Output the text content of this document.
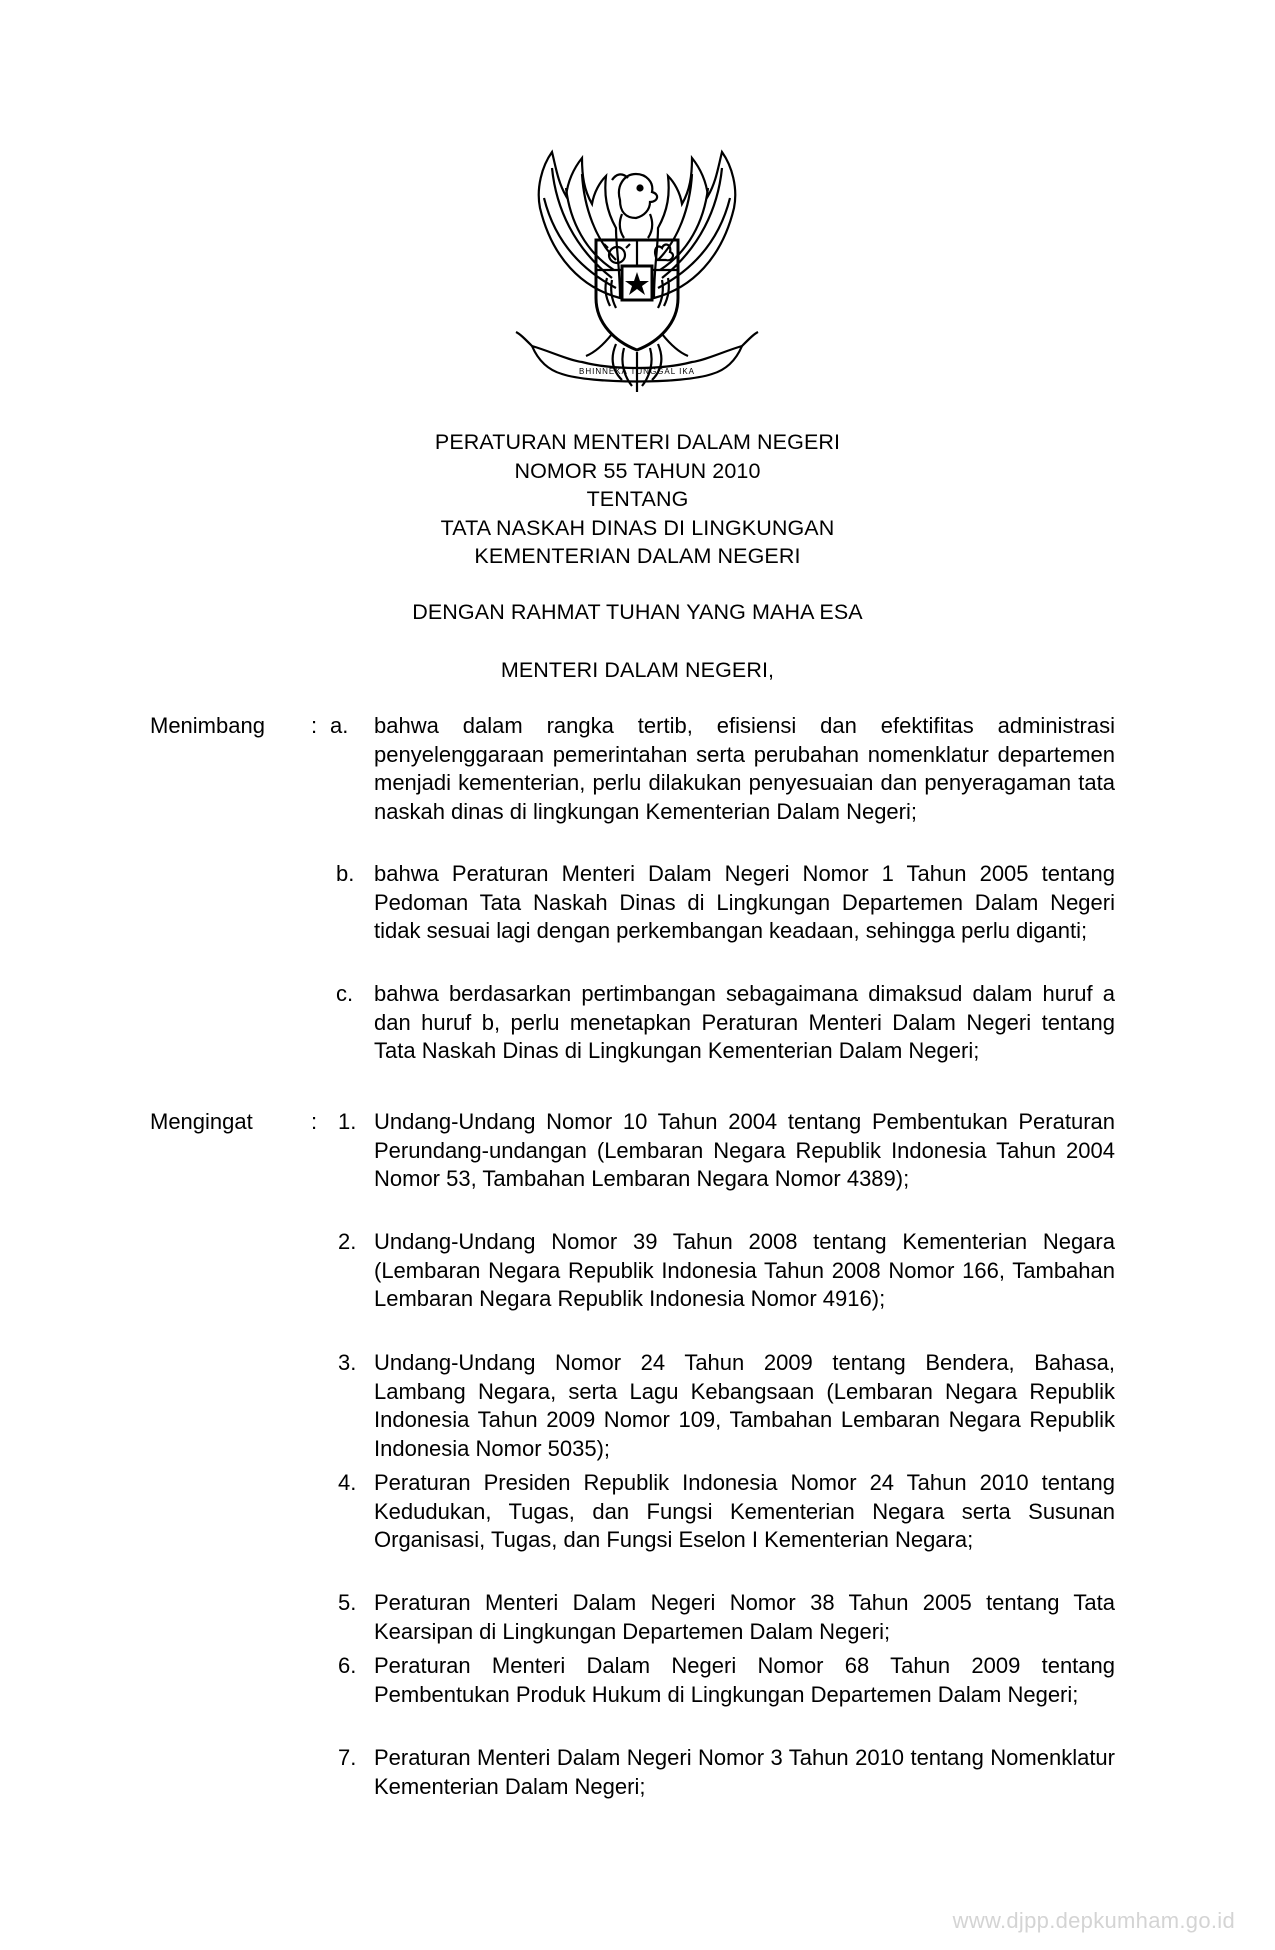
BHINNEKA TUNGGAL IKA
PERATURAN MENTERI DALAM NEGERI
NOMOR 55 TAHUN 2010
TENTANG
TATA NASKAH DINAS DI LINGKUNGAN
KEMENTERIAN DALAM NEGERI
DENGAN RAHMAT TUHAN YANG MAHA ESA
MENTERI DALAM NEGERI,
Menimbang : a. bahwa dalam rangka tertib, efisiensi dan efektifitas administrasi penyelenggaraan pemerintahan serta perubahan nomenklatur departemen menjadi kementerian, perlu dilakukan penyesuaian dan penyeragaman tata naskah dinas di lingkungan Kementerian Dalam Negeri;
b. bahwa Peraturan Menteri Dalam Negeri Nomor 1 Tahun 2005 tentang Pedoman Tata Naskah Dinas di Lingkungan Departemen Dalam Negeri tidak sesuai lagi dengan perkembangan keadaan, sehingga perlu diganti;
c. bahwa berdasarkan pertimbangan sebagaimana dimaksud dalam huruf a dan huruf b, perlu menetapkan Peraturan Menteri Dalam Negeri tentang Tata Naskah Dinas di Lingkungan Kementerian Dalam Negeri;
Mengingat	: 1. Undang-Undang Nomor 10 Tahun 2004 tentang Pembentukan Peraturan Perundang-undangan (Lembaran Negara Republik Indonesia Tahun 2004 Nomor 53, Tambahan Lembaran Negara Nomor 4389);
2. Undang-Undang Nomor 39 Tahun 2008 tentang Kementerian Negara (Lembaran Negara Republik Indonesia Tahun 2008 Nomor 166, Tambahan Lembaran Negara Republik Indonesia Nomor 4916);
3. Undang-Undang Nomor 24 Tahun 2009 tentang Bendera, Bahasa, Lambang Negara, serta Lagu Kebangsaan (Lembaran Negara Republik Indonesia Tahun 2009 Nomor 109, Tambahan Lembaran Negara Republik Indonesia Nomor 5035);
4. Peraturan Presiden Republik Indonesia Nomor 24 Tahun 2010 tentang Kedudukan, Tugas, dan Fungsi Kementerian Negara serta Susunan Organisasi, Tugas, dan Fungsi Eselon I Kementerian Negara;
5. Peraturan Menteri Dalam Negeri Nomor 38 Tahun 2005 tentang Tata Kearsipan di Lingkungan Departemen Dalam Negeri;
6. Peraturan Menteri Dalam Negeri Nomor 68 Tahun 2009 tentang Pembentukan Produk Hukum di Lingkungan Departemen Dalam Negeri;
7. Peraturan Menteri Dalam Negeri Nomor 3 Tahun 2010 tentang Nomenklatur Kementerian Dalam Negeri;
www.djpp.depkumham.go.id
